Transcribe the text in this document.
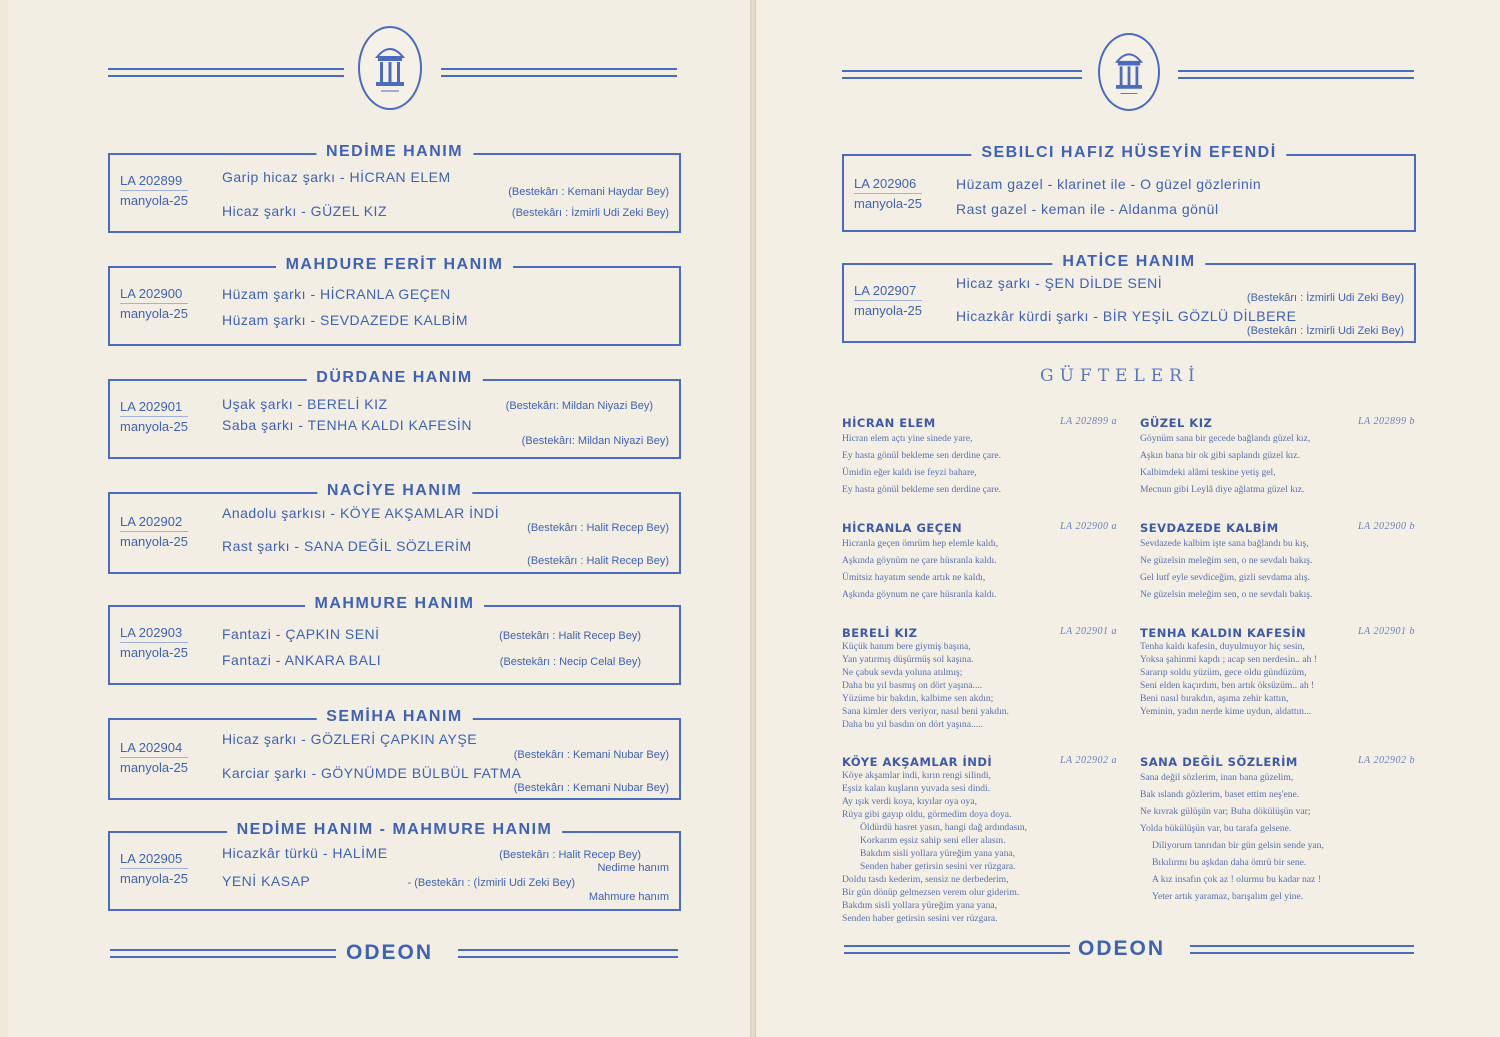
NEDİME HANIM
LA 202899
manyola-25
Garip hicaz şarkı - HİCRAN ELEM
(Bestekârı : Kemani Haydar Bey)
Hicaz şarkı - GÜZEL KIZ	(Bestekârı : İzmirli Udi Zeki Bey)
MAHDURE FERİT HANIM
LA 202900
manyola-25
Hüzam şarkı - HİCRANLA GEÇEN
Hüzam şarkı - SEVDAZEDE KALBİM
DÜRDANE HANIM
LA 202901
manyola-25
Uşak şarkı - BERELİ KIZ	(Bestekârı: Mildan Niyazi Bey)
Saba şarkı - TENHA KALDI KAFESİN
(Bestekârı: Mildan Niyazi Bey)
NACİYE HANIM
LA 202902
manyola-25
Anadolu şarkısı - KÖYE AKŞAMLAR İNDİ
(Bestekârı : Halit Recep Bey)
Rast şarkı - SANA DEĞİL SÖZLERİM
(Bestekârı : Halit Recep Bey)
MAHMURE HANIM
LA 202903
manyola-25
Fantazi - ÇAPKIN SENİ	(Bestekârı : Halit Recep Bey)
Fantazi - ANKARA BALI	(Bestekârı : Necip Celal Bey)
SEMİHA HANIM
LA 202904
manyola-25
Hicaz şarkı - GÖZLERİ ÇAPKIN AYŞE
(Bestekârı : Kemani Nubar Bey)
Karciar şarkı - GÖYNÜMDE BÜLBÜL FATMA
(Bestekârı : Kemani Nubar Bey)
NEDİME HANIM - MAHMURE HANIM
LA 202905
manyola-25
Hicazkâr türkü - HALİME	(Bestekârı : Halit Recep Bey)
Nedime hanım
YENİ KASAP	- (Bestekârı : (İzmirli Udi Zeki Bey)
Mahmure hanım
ODEON
SEBILCI HAFIZ HÜSEYİN EFENDİ
LA 202906
manyola-25
Hüzam gazel - klarinet ile - O güzel gözlerinin
Rast gazel - keman ile - Aldanma gönül
HATİCE HANIM
LA 202907
manyola-25
Hicaz şarkı - ŞEN DİLDE SENİ
(Bestekârı : İzmirli Udi Zeki Bey)
Hicazkâr kürdi şarkı - BİR YEŞİL GÖZLÜ DİLBERE
(Bestekârı : İzmirli Udi Zeki Bey)
GÜFTELERİ
HİCRAN ELEM	LA 202899 a
Hicran elem açtı yine sinede yare,
Ey hasta gönül bekleme sen derdine çare.
Ümidin eğer kaldı ise feyzi bahare,
Ey hasta gönül bekleme sen derdine çare.
GÜZEL KIZ	LA 202899 b
Göynüm sana bir gecede bağlandı güzel kız,
Aşkın bana bir ok gibi saplandı güzel kız.
Kalbimdeki alâmi teskine yetiş gel,
Mecnun gibi Leylâ diye ağlatma güzel kız.
HİCRANLA GEÇEN	LA 202900 a
Hicranla geçen ömrüm hep elemle kaldı,
Aşkında göynüm ne çare hüsranla kaldı.
Ümitsiz hayatım sende artık ne kaldı,
Aşkında göynum ne çare hüsranla kaldı.
SEVDAZEDE KALBİM	LA 202900 b
Sevdazede kalbim işte sana bağlandı bu kış,
Ne güzelsin meleğim sen, o ne sevdalı bakış.
Gel lutf eyle sevdiceğim, gizli sevdama alış.
Ne güzelsin meleğim sen, o ne sevdalı bakış.
BERELİ KIZ	LA 202901 a
Küçük hanım bere giymiş başına,
Yan yatırmış düşürmüş sol kaşına.
Ne çabuk sevda yoluna atılmış;
Daha bu yıl basmış on dört yaşına....
Yüzüme bir bakdın, kalbime sen akdın;
Sana kimler ders veriyor, nasıl beni yakdın.
Daha bu yıl basdın on dört yaşına.....
TENHA KALDIN KAFESİN	LA 202901 b
Tenha kaldı kafesin, duyulmuyor hiç sesin,
Yoksa şahinmi kapdı ; acap sen nerdesin.. ah !
Sararıp soldu yüzüm, gece oldu gündüzüm,
Seni elden kaçırdım, ben artık öksüzüm.. ah !
Beni nasıl bırakdın, aşıma zehir kattın,
Yeminin, yadın nerde kime uydun, aldattın...
KÖYE AKŞAMLAR İNDİ	LA 202902 a
Köye akşamlar indi, kırın rengi silindi,
Eşsiz kalan kuşların yuvada sesi dindi.
Ay ışık verdi koya, kıyılar oya oya,
Rüya gibi gayıp oldu, görmedim doya doya.
Öldürdü hasret yasın, hangi dağ ardındasın,
Korkarım eşsiz sahip seni eller alasın.
Bakdım sisli yollara yüreğim yana yana,
Senden haber getirsin sesini ver rüzgara.
Doldu tasdı kederim, sensiz ne derbederim,
Bir gün dönüp gelmezsen verem olur giderim.
Bakdım sisli yollara yüreğim yana yana,
Senden haber getirsin sesini ver rüzgara.
SANA DEĞİL SÖZLERİM	LA 202902 b
Sana değil sözlerim, inan bana güzelim,
Bak ıslandı gözlerim, baset ettim neş'ene.
Ne kıvrak gülüşün var; Buha dökülüşün var;
Yolda bükülüşün var, bu tarafa gelsene.
Diliyorum tanrıdan bir gün gelsin sende yan,
Bıkılırmı bu aşkdan daha ömrü bir sene.
A kız insafın çok az ! olurmu bu kadar naz !
Yeter artık yaramaz, barışalım gel yine.
ODEON
